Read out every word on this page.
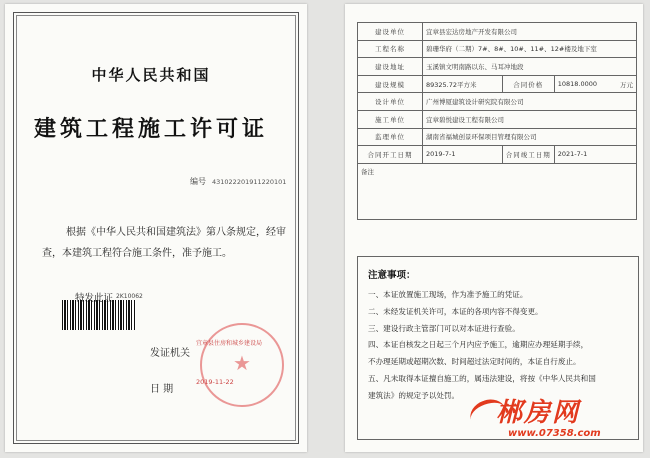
中华人民共和国
建筑工程施工许可证
编号 431022201911220101
根据《中华人民共和国建筑法》第八条规定，经审查，本建筑工程符合施工条件，准予施工。
2K10062
特发此证
★
发证机关
宜章县住房和城乡建设局
日 期
2019-11-22
建设单位	宜章县宏达房地产开发有限公司		
工程名称	碧珊华府（二期）7#、8#、10#、11#、12#楼及地下室		
建设地址	玉溪镇文明南路以东、马耳冲地段		
建设规模	89325.72平方米	合同价格	10818.0000 万元

设计单位	广州博厦建筑设计研究院有限公司		
施工单位	宜章碧悦建设工程有限公司		
监理单位	湖南省福城创景环保项目管理有限公司		
合同开工日期	2019-7-1	合同竣工日期	2021-7-1
备注			
注意事项：
一、本证放置施工现场，作为准予施工的凭证。
二、未经发证机关许可，本证的各项内容不得变更。
三、建设行政主管部门可以对本证进行查验。
四、本证自核发之日起三个月内应予施工，逾期应办理延期手续，
不办理延期或超期次数、时间超过法定时间的，本证自行废止。
五、凡未取得本证擅自施工的，属违法建设，将按《中华人民共和国
建筑法》的规定予以处罚。
郴房网
www.07358.com
